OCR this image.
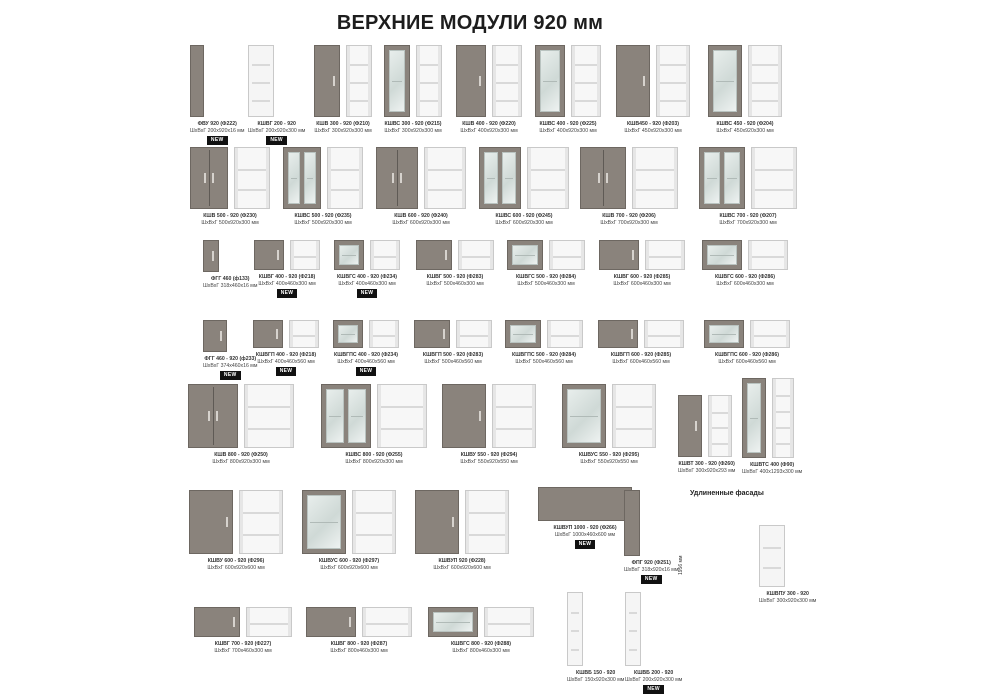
ВЕРХНИЕ МОДУЛИ 920 мм
ФВУ 920 (Ф222)
ШхВхГ 200х920х16 мм
NEW
КШВГ 200 - 920
ШхВхГ 200х920х300 мм
NEW
КШВ 300 - 920 (Ф210)
ШхВхГ 300х920х300 мм
КШВС 300 - 920 (Ф215)
ШхВхГ 300х920х300 мм
КШВ 400 - 920 (Ф220)
ШхВхГ 400х920х300 мм
КШВС 400 - 920 (Ф225)
ШхВхГ 400х920х300 мм
КШВ450 - 920 (Ф203)
ШхВхГ 450х920х300 мм
КШВС 450 - 920 (Ф204)
ШхВхГ 450х920х300 мм
КШВ 500 - 920 (Ф230)
ШхВхГ 500х920х300 мм
КШВС 500 - 920 (Ф235)
ШхВхГ 500х920х300 мм
КШВ 600 - 920 (Ф240)
ШхВхГ 600х920х300 мм
КШВС 600 - 920 (Ф245)
ШхВхГ 600х920х300 мм
КШВ 700 - 920 (Ф206)
ШхВхГ 700х920х300 мм
КШВС 700 - 920 (Ф207)
ШхВхГ 700х920х300 мм
ФГГ 460 (ф133)
ШхВхГ 318х460х16 мм
КШВГ 400 - 920 (Ф218)
ШхВхГ 400х460х300 мм
NEW
КШВГС 400 - 920 (Ф234)
ШхВхГ 400х460х300 мм
NEW
КШВГ 500 - 920 (Ф283)
ШхВхГ 500х460х300 мм
КШВГС 500 - 920 (Ф284)
ШхВхГ 500х460х300 мм
КШВГ 600 - 920 (Ф285)
ШхВхГ 600х460х300 мм
КШВГС 600 - 920 (Ф286)
ШхВхГ 600х460х300 мм
ФГГ 460 - 920 (ф233)
ШхВхГ 374х460х16 мм
NEW
КШВГП 400 - 920 (Ф218)
ШхВхГ 400х460х560 мм
NEW
КШВГПС 400 - 920 (Ф234)
ШхВхГ 400х460х560 мм
NEW
КШВГП 500 - 920 (Ф283)
ШхВхГ 500х460х560 мм
КШВГПС 500 - 920 (Ф284)
ШхВхГ 500х460х560 мм
КШВГП 600 - 920 (Ф285)
ШхВхГ 600х460х560 мм
КШВГПС 600 - 920 (Ф286)
ШхВхГ 600х460х560 мм
КШВ 800 - 920 (Ф250)
ШхВхГ 800х920х300 мм
КШВС 800 - 920 (Ф255)
ШхВхГ 800х920х300 мм
КШВУ 550 - 920 (Ф294)
ШхВхГ 550х920х550 мм
КШВУС 550 - 920 (Ф295)
ШхВхГ 550х920х550 мм	КШВТ 300 - 920 (Ф260)
ШхВхГ 300х920х293 мм
КШВТС 400 (Ф90)
ШхВхГ 400х1293х300 мм
КШВУ 600 - 920 (Ф296)
ШхВхГ 600х920х600 мм
КШВУС 600 - 920 (Ф297)
ШхВхГ 600х920х600 мм
КШВУП 920 (Ф228)
ШхВхГ 600х920х600 мм
КШВУП 1000 - 920 (Ф266)
ШхВхГ 1000х460х600 мм
NEW
ФПГ 920 (Ф251)
ШхВхГ 318х920х16 мм
NEW
КШВПУ 300 - 920
ШхВхГ 300х920х300 мм
КШВГ 700 - 920 (Ф227)
ШхВхГ 700х460х300 мм
КШВГ 800 - 920 (Ф287)
ШхВхГ 800х460х300 мм
КШВГС 800 - 920 (Ф288)
ШхВхГ 800х460х300 мм
КШВБ 150 - 920
ШхВхГ 150х920х300 мм
КШВБ 200 - 920
ШхВхГ 200х920х300 мм
NEW
Удлиненные фасады
1956 мм
